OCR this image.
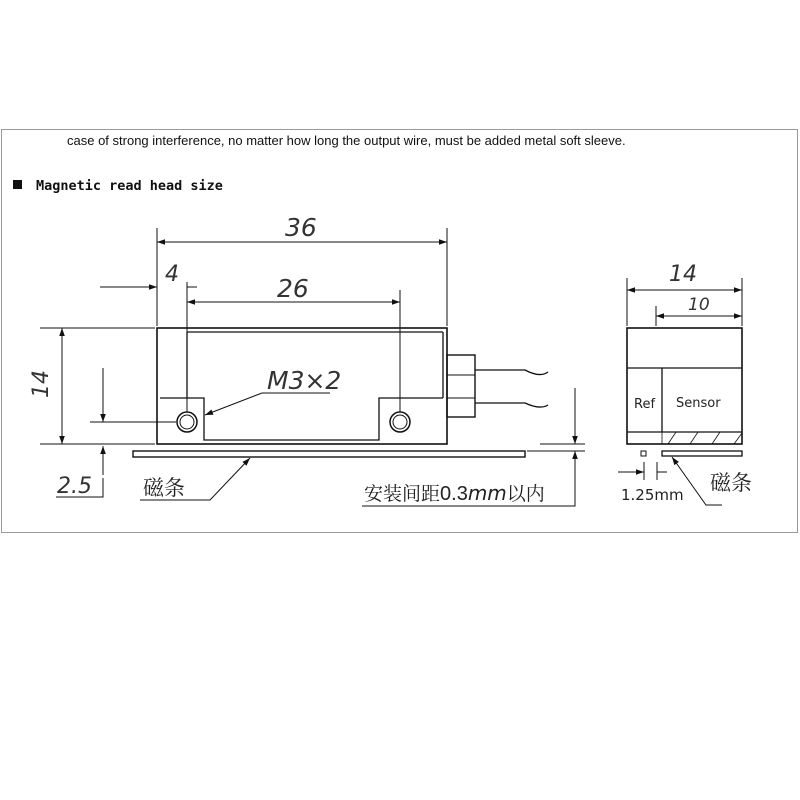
case of strong interference, no matter how long the output wire, must be added metal soft sleeve.
Magnetic read head size
36
4	26
14
2.5
M3×2
磁条	安装间距0.3mm以内
14
10
Ref Sensor
1.25mm 磁条
